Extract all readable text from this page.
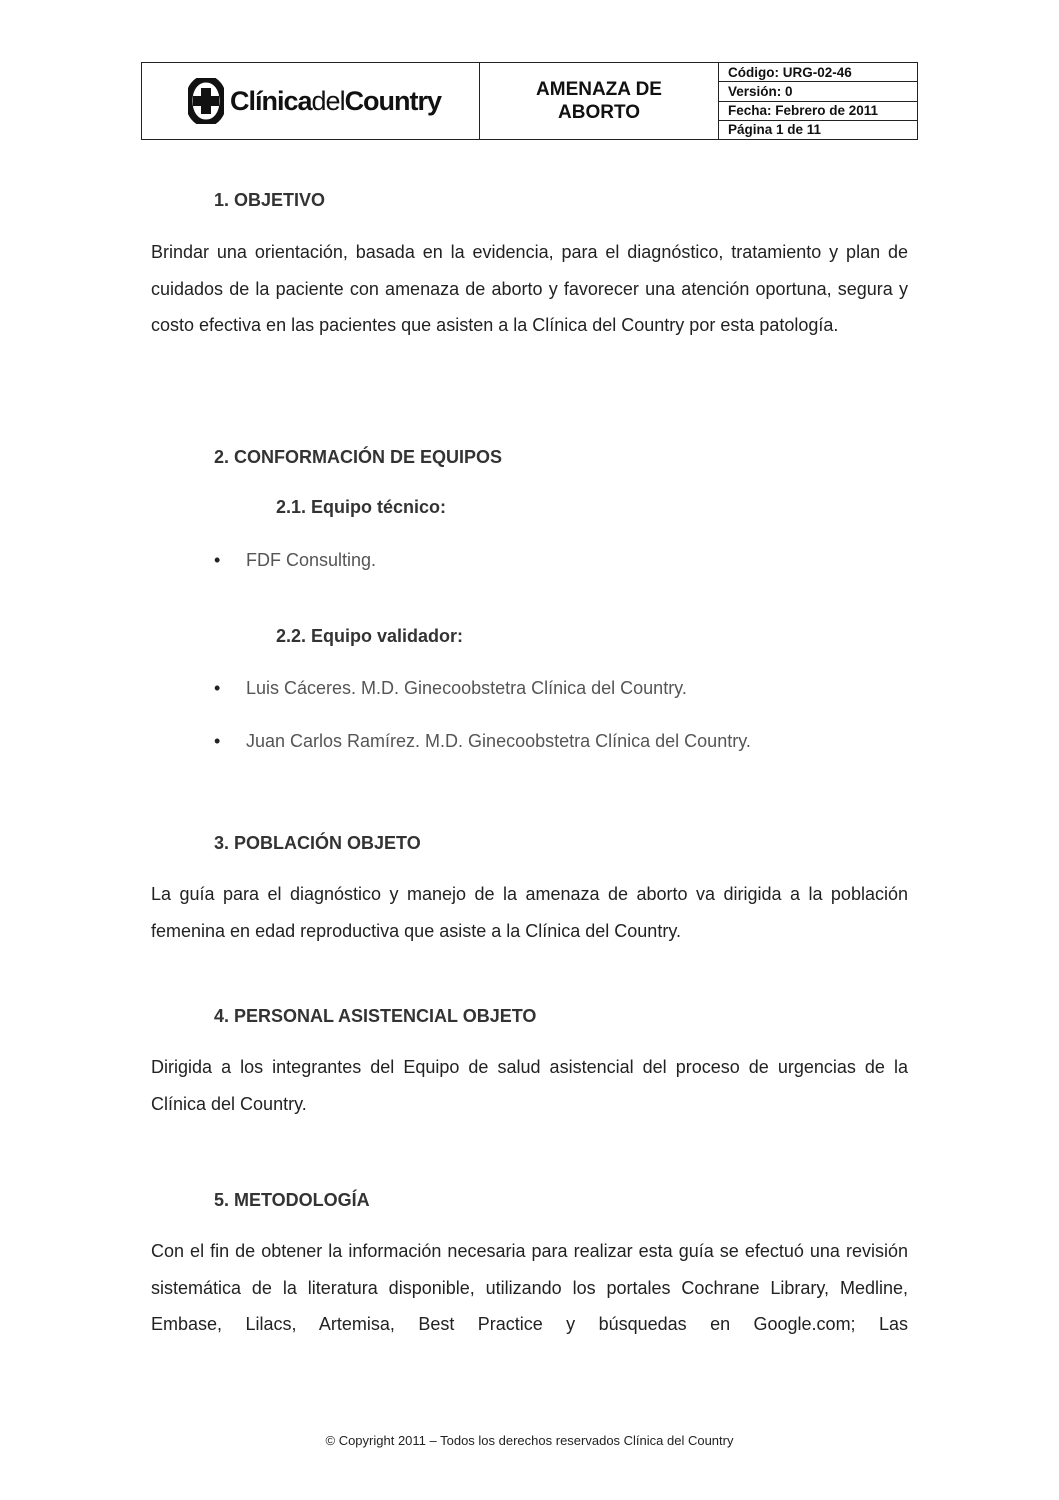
ClínicadelCountry	AMENAZA DE
ABORTO
Código: URG-02-46
Versión: 0
Fecha: Febrero de 2011
Página 1 de 11
1. OBJETIVO

Brindar una orientación, basada en la evidencia, para el diagnóstico, tratamiento y plan de cuidados de la paciente con amenaza de aborto y favorecer una atención oportuna, segura y costo efectiva en las pacientes que asisten a la Clínica del Country por esta patología.

2. CONFORMACIÓN DE EQUIPOS
2.1. Equipo técnico:
•	FDF Consulting.
2.2. Equipo validador:
•	Luis Cáceres. M.D. Ginecoobstetra Clínica del Country.
•	Juan Carlos Ramírez. M.D. Ginecoobstetra Clínica del Country.
3. POBLACIÓN OBJETO

La guía para el diagnóstico y manejo de la amenaza de aborto va dirigida a la población femenina en edad reproductiva que asiste a la Clínica del Country.

4. PERSONAL ASISTENCIAL OBJETO

Dirigida a los integrantes del Equipo de salud asistencial del proceso de urgencias de la Clínica del Country.

5. METODOLOGÍA

Con el fin de obtener la información necesaria para realizar esta guía se efectuó una revisión sistemática de la literatura disponible, utilizando los portales Cochrane Library, Medline, Embase, Lilacs, Artemisa, Best Practice y búsquedas en Google.com; Las

© Copyright 2011 – Todos los derechos reservados Clínica del Country
